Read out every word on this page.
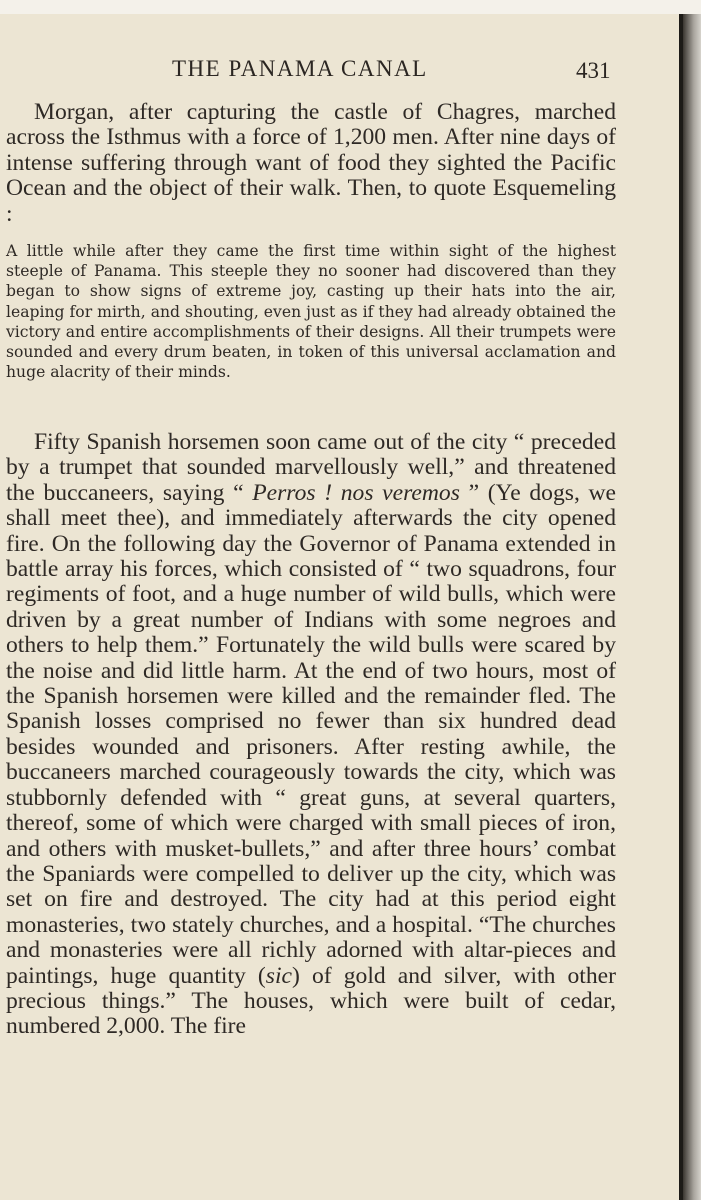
THE PANAMA CANAL	431

Morgan, after capturing the castle of Chagres, marched across the Isthmus with a force of 1,200 men. After nine days of intense suffering through want of food they sighted the Pacific Ocean and the object of their walk. Then, to quote Esquemeling :

A little while after they came the first time within sight of the highest steeple of Panama. This steeple they no sooner had discovered than they began to show signs of extreme joy, casting up their hats into the air, leaping for mirth, and shouting, even just as if they had already obtained the victory and entire accomplishments of their designs. All their trumpets were sounded and every drum beaten, in token of this universal acclamation and huge alacrity of their minds.

Fifty Spanish horsemen soon came out of the city “ preceded by a trumpet that sounded marvellously well,” and threatened the buccaneers, saying “ Perros ! nos veremos ” (Ye dogs, we shall meet thee), and immediately afterwards the city opened fire. On the following day the Governor of Panama extended in battle array his forces, which consisted of “ two squadrons, four regiments of foot, and a huge number of wild bulls, which were driven by a great number of Indians with some negroes and others to help them.” Fortunately the wild bulls were scared by the noise and did little harm. At the end of two hours, most of the Spanish horsemen were killed and the remainder fled. The Spanish losses comprised no fewer than six hundred dead besides wounded and prisoners. After resting awhile, the buccaneers marched courageously towards the city, which was stubbornly defended with “ great guns, at several quarters, thereof, some of which were charged with small pieces of iron, and others with musket-bullets,” and after three hours’ combat the Spaniards were compelled to deliver up the city, which was set on fire and destroyed. The city had at this period eight monasteries, two stately churches, and a hospital. “The churches and monasteries were all richly adorned with altar-pieces and paintings, huge quantity (sic) of gold and silver, with other precious things.” The houses, which were built of cedar, numbered 2,000. The fire
